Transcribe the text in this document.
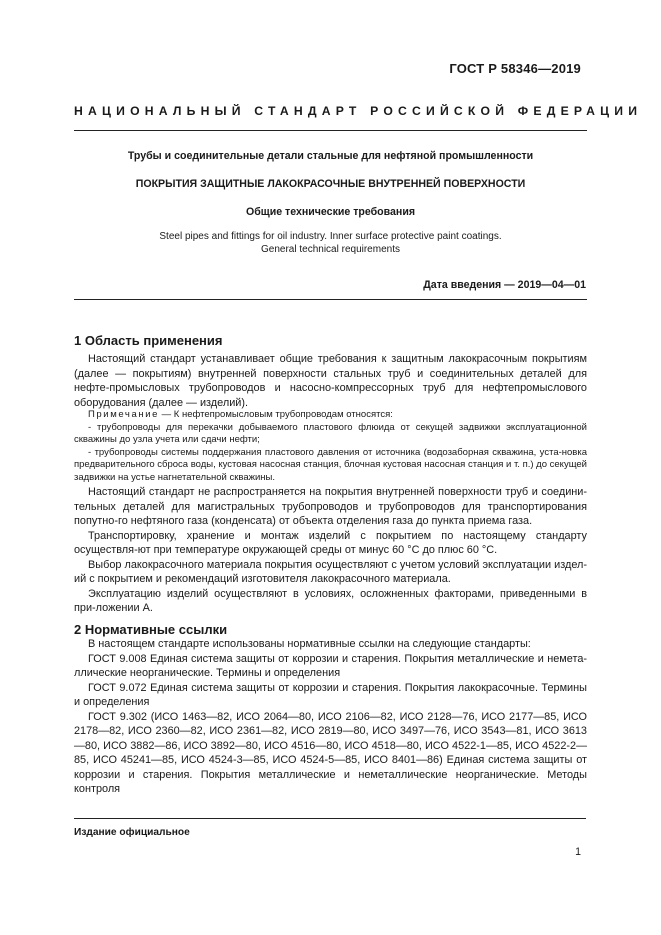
ГОСТ Р 58346—2019
НАЦИОНАЛЬНЫЙ СТАНДАРТ РОССИЙСКОЙ ФЕДЕРАЦИИ
Трубы и соединительные детали стальные для нефтяной промышленности
ПОКРЫТИЯ ЗАЩИТНЫЕ ЛАКОКРАСОЧНЫЕ ВНУТРЕННЕЙ ПОВЕРХНОСТИ
Общие технические требования
Steel pipes and fittings for oil industry. Inner surface protective paint coatings.
General technical requirements
Дата введения — 2019—04—01
1 Область применения
Настоящий стандарт устанавливает общие требования к защитным лакокрасочным покрытиям (далее — покрытиям) внутренней поверхности стальных труб и соединительных деталей для нефте-промысловых трубопроводов и насосно-компрессорных труб для нефтепромыслового оборудования (далее — изделий).
Примечание — К нефтепромысловым трубопроводам относятся:
- трубопроводы для перекачки добываемого пластового флюида от секущей задвижки эксплуатационной скважины до узла учета или сдачи нефти;
- трубопроводы системы поддержания пластового давления от источника (водозаборная скважина, уста-новка предварительного сброса воды, кустовая насосная станция, блочная кустовая насосная станция и т. п.) до секущей задвижки на устье нагнетательной скважины.
Настоящий стандарт не распространяется на покрытия внутренней поверхности труб и соедини-тельных деталей для магистральных трубопроводов и трубопроводов для транспортирования попутно-го нефтяного газа (конденсата) от объекта отделения газа до пункта приема газа.
Транспортировку, хранение и монтаж изделий с покрытием по настоящему стандарту осуществля-ют при температуре окружающей среды от минус 60 °С до плюс 60 °С.
Выбор лакокрасочного материала покрытия осуществляют с учетом условий эксплуатации издел-ий с покрытием и рекомендаций изготовителя лакокрасочного материала.
Эксплуатацию изделий осуществляют в условиях, осложненных факторами, приведенными в при-ложении А.
2 Нормативные ссылки
В настоящем стандарте использованы нормативные ссылки на следующие стандарты:
ГОСТ 9.008 Единая система защиты от коррозии и старения. Покрытия металлические и немета-ллические неорганические. Термины и определения
ГОСТ 9.072 Единая система защиты от коррозии и старения. Покрытия лакокрасочные. Термины и определения
ГОСТ 9.302 (ИСО 1463—82, ИСО 2064—80, ИСО 2106—82, ИСО 2128—76, ИСО 2177—85, ИСО 2178—82, ИСО 2360—82, ИСО 2361—82, ИСО 2819—80, ИСО 3497—76, ИСО 3543—81, ИСО 3613—80, ИСО 3882—86, ИСО 3892—80, ИСО 4516—80, ИСО 4518—80, ИСО 4522-1—85, ИСО 4522-2—85, ИСО 45241—85, ИСО 4524-3—85, ИСО 4524-5—85, ИСО 8401—86) Единая система защиты от коррозии и старения. Покрытия металлические и неметаллические неорганические. Методы контроля
Издание официальное
1
